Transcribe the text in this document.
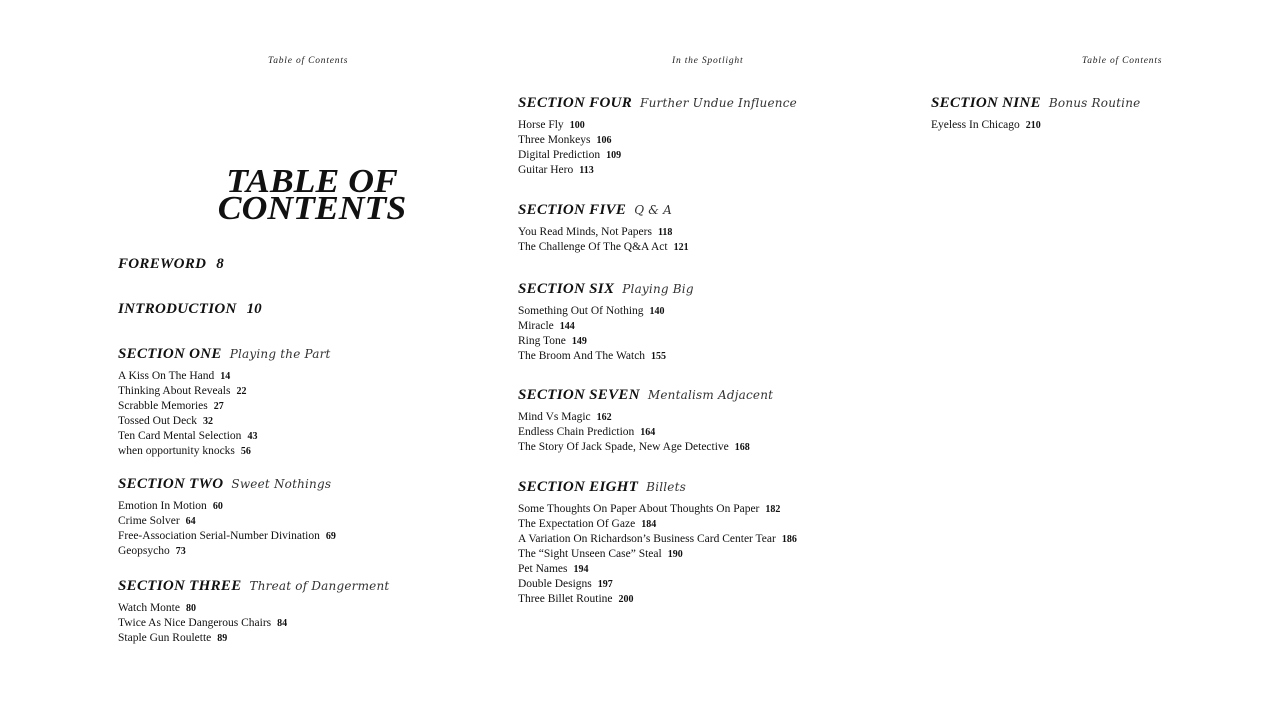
Table of Contents	In the Spotlight	Table of Contents
TABLE OF
CONTENTS
FOREWORD 8
INTRODUCTION 10
SECTION ONE Playing the Part
A Kiss On The Hand 14
Thinking About Reveals 22
Scrabble Memories 27
Tossed Out Deck 32
Ten Card Mental Selection 43
when opportunity knocks 56
SECTION TWO Sweet Nothings
Emotion In Motion 60
Crime Solver 64
Free-Association Serial-Number Divination 69
Geopsycho 73
SECTION THREE Threat of Dangerment
Watch Monte 80
Twice As Nice Dangerous Chairs 84
Staple Gun Roulette 89
SECTION FOUR Further Undue Influence
Horse Fly 100
Three Monkeys 106
Digital Prediction 109
Guitar Hero 113
SECTION FIVE Q & A
You Read Minds, Not Papers 118
The Challenge Of The Q&A Act 121
SECTION SIX Playing Big
Something Out Of Nothing 140
Miracle 144
Ring Tone 149
The Broom And The Watch 155
SECTION SEVEN Mentalism Adjacent
Mind Vs Magic 162
Endless Chain Prediction 164
The Story Of Jack Spade, New Age Detective 168
SECTION EIGHT Billets
Some Thoughts On Paper About Thoughts On Paper 182
The Expectation Of Gaze 184
A Variation On Richardson’s Business Card Center Tear 186
The “Sight Unseen Case” Steal 190
Pet Names 194
Double Designs 197
Three Billet Routine 200
SECTION NINE Bonus Routine
Eyeless In Chicago 210
